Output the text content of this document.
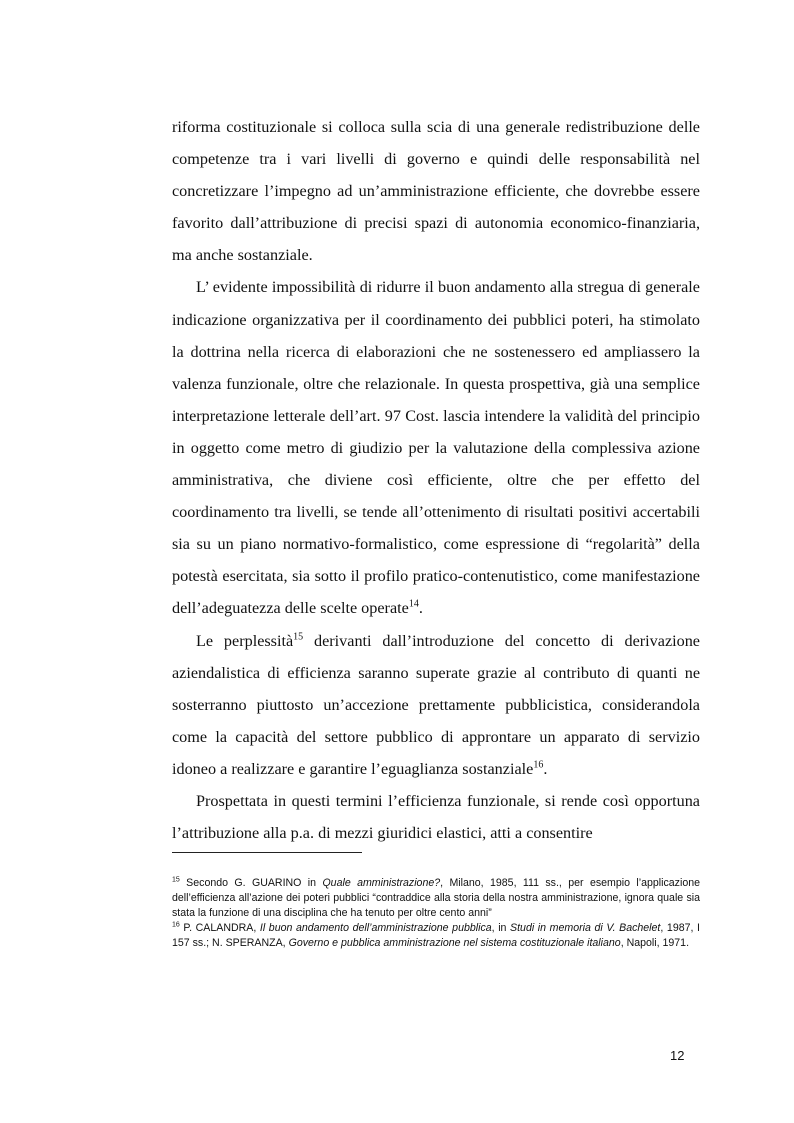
riforma costituzionale si colloca sulla scia di una generale redistribuzione delle competenze tra i vari livelli di governo e quindi delle responsabilità nel concretizzare l’impegno ad un’amministrazione efficiente, che dovrebbe essere favorito dall’attribuzione di precisi spazi di autonomia economico-finanziaria, ma anche sostanziale.

L’ evidente impossibilità di ridurre il buon andamento alla stregua di generale indicazione organizzativa per il coordinamento dei pubblici poteri, ha stimolato la dottrina nella ricerca di elaborazioni che ne sostenessero ed ampliassero la valenza funzionale, oltre che relazionale. In questa prospettiva, già una semplice interpretazione letterale dell’art. 97 Cost. lascia intendere la validità del principio in oggetto come metro di giudizio per la valutazione della complessiva azione amministrativa, che diviene così efficiente, oltre che per effetto del coordinamento tra livelli, se tende all’ottenimento di risultati positivi accertabili sia su un piano normativo-formalistico, come espressione di “regolarità” della potestà esercitata, sia sotto il profilo pratico-contenutistico, come manifestazione dell’adeguatezza delle scelte operate$^{14}$.

Le perplessità$^{15}$ derivanti dall’introduzione del concetto di derivazione aziendalistica di efficienza saranno superate grazie al contributo di quanti ne sosterranno piuttosto un’accezione prettamente pubblicistica, considerandola come la capacità del settore pubblico di approntare un apparato di servizio idoneo a realizzare e garantire l’eguaglianza sostanziale$^{16}$.

Prospettata in questi termini l’efficienza funzionale, si rende così opportuna l’attribuzione alla p.a. di mezzi giuridici elastici, atti a consentire

$^{15}$ Secondo G. GUARINO in Quale amministrazione?, Milano, 1985, 111 ss., per esempio l’applicazione dell’efficienza all’azione dei poteri pubblici “contraddice alla storia della nostra amministrazione, ignora quale sia stata la funzione di una disciplina che ha tenuto per oltre cento anni”

$^{16}$ P. CALANDRA, Il buon andamento dell’amministrazione pubblica, in Studi in memoria di V. Bachelet, 1987, I 157 ss.; N. SPERANZA, Governo e pubblica amministrazione nel sistema costituzionale italiano, Napoli, 1971.

12
